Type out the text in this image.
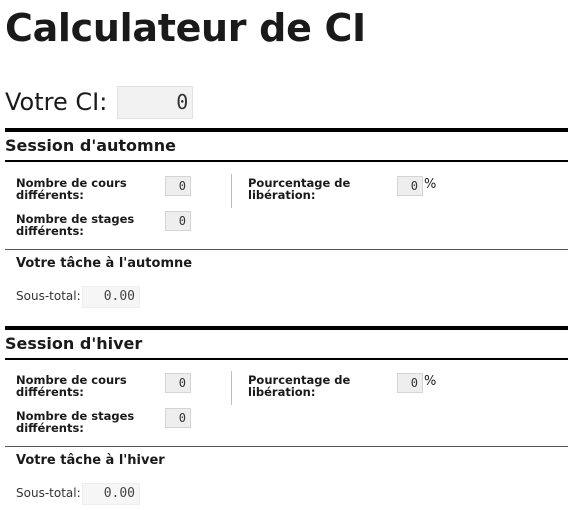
Calculateur de CI
Votre CI:	0
Session d'automne
Nombre de cours différents:
0
Nombre de stages différents:
0
Pourcentage de libération:
0 %
Votre tâche à l'automne
Sous-total:	0.00
Session d'hiver
Nombre de cours différents:
0
Nombre de stages différents:
0
Pourcentage de libération:
0 %
Votre tâche à l'hiver
Sous-total:	0.00
